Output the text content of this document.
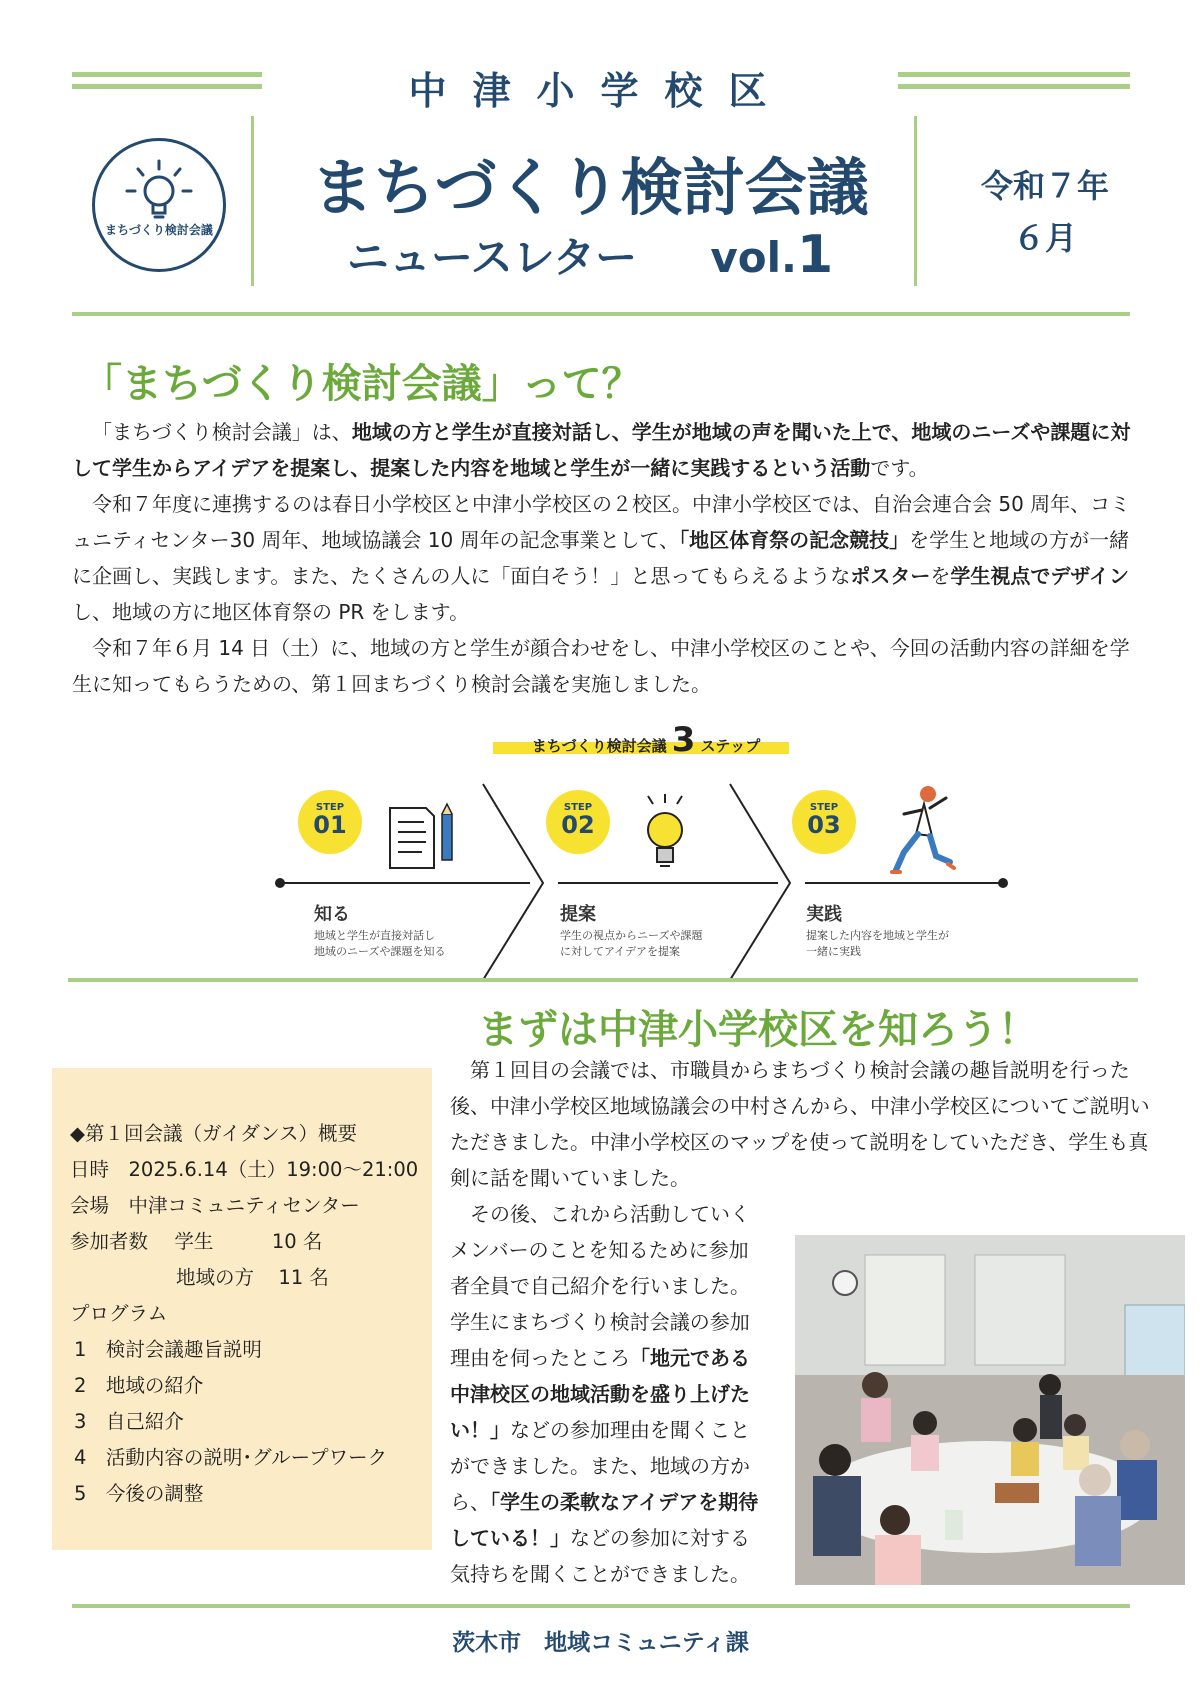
中津小学校区
まちづくり検討会議
まちづくり検討会議
ニュースレター vol.1
令和７年
６月
「まちづくり検討会議」って？

「まちづくり検討会議」は、地域の方と学生が直接対話し、学生が地域の声を聞いた上で、地域のニーズや課題に対して学生からアイデアを提案し、提案した内容を地域と学生が一緒に実践するという活動です。

令和７年度に連携するのは春日小学校区と中津小学校区の２校区。中津小学校区では、自治会連合会 50 周年、コミュニティセンター30 周年、地域協議会 10 周年の記念事業として、「地区体育祭の記念競技」を学生と地域の方が一緒に企画し、実践します。また、たくさんの人に「面白そう！」と思ってもらえるようなポスターを学生視点でデザインし、地域の方に地区体育祭の PR をします。

令和７年６月 14 日（土）に、地域の方と学生が顔合わせをし、中津小学校区のことや、今回の活動内容の詳細を学生に知ってもらうための、第１回まちづくり検討会議を実施しました。

まちづくり検討会議 3 ステップ
STEP
01
知る
地域と学生が直接対話し
地域のニーズや課題を知る
STEP
02
提案
学生の視点からニーズや課題
に対してアイデアを提案
STEP
03
実践
提案した内容を地域と学生が
一緒に実践
まずは中津小学校区を知ろう！

第１回目の会議では、市職員からまちづくり検討会議の趣旨説明を行った後、中津小学校区地域協議会の中村さんから、中津小学校区についてご説明いただきました。中津小学校区のマップを使って説明をしていただき、学生も真剣に話を聞いていました。

その後、これから活動していくメンバーのことを知るために参加者全員で自己紹介を行いました。学生にまちづくり検討会議の参加理由を伺ったところ「地元である中津校区の地域活動を盛り上げたい！」などの参加理由を聞くことができました。また、地域の方から、「学生の柔軟なアイデアを期待している！」などの参加に対する気持ちを聞くことができました。

◆第１回会議（ガイダンス）概要
日時　2025.6.14（土）19:00～21:00
会場　中津コミュニティセンター
参加者数 学生	10 名
地域の方 11 名
プログラム
1　検討会議趣旨説明
2　地域の紹介
3　自己紹介
4　活動内容の説明･グループワーク
5　今後の調整
茨木市　地域コミュニティ課
